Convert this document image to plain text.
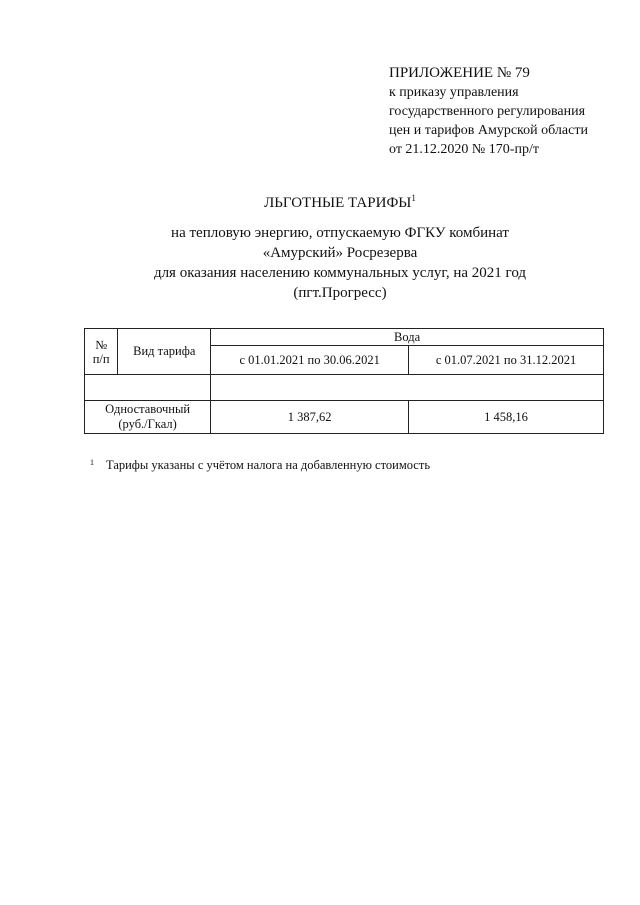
ПРИЛОЖЕНИЕ № 79
к приказу управления
государственного регулирования
цен и тарифов Амурской области
от 21.12.2020 № 170-пр/т
ЛЬГОТНЫЕ ТАРИФЫ$^1$
на тепловую энергию, отпускаемую ФГКУ комбинат
«Амурский» Росрезерва
для оказания населению коммунальных услуг, на 2021 год
(пгт.Прогресс)
№
п/п	Вид тарифа	Вода	
		с 01.01.2021 по 30.06.2021	с 01.07.2021 по 31.12.2021

Одноставочный
(руб./Гкал)		1 387,62	1 458,16
$^1$ Тарифы указаны с учётом налога на добавленную стоимость
